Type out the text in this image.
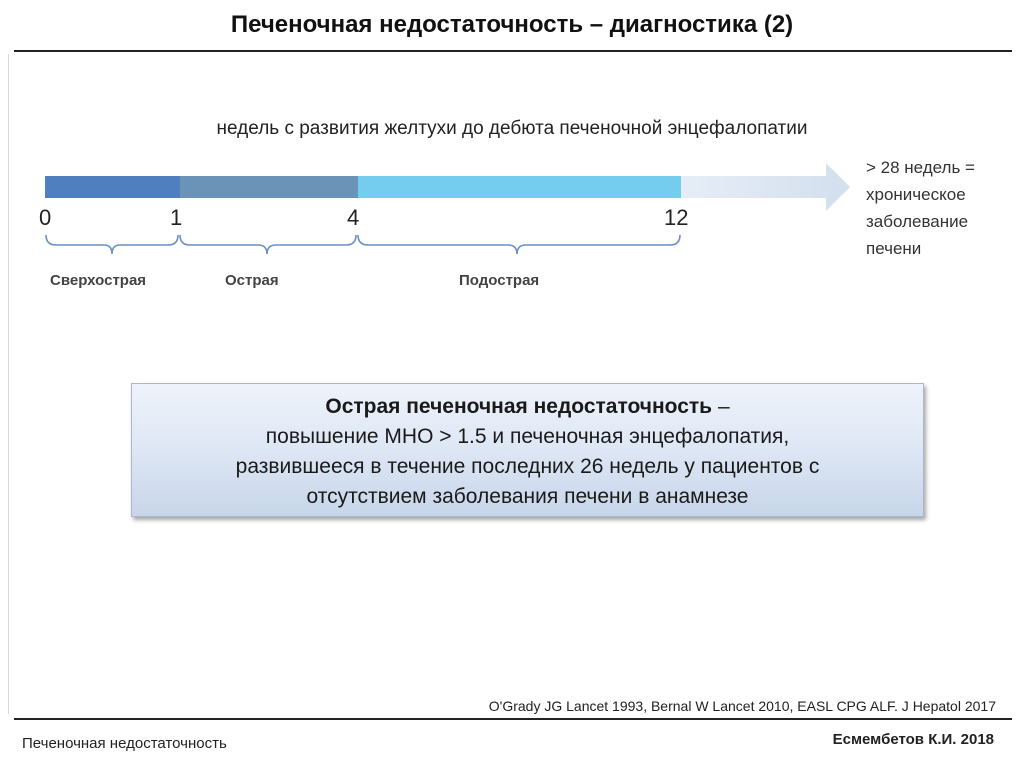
Печеночная недостаточность – диагностика (2)
недель с развития желтухи до дебюта печеночной энцефалопатии
0	1	4	12
Сверхострая	Острая	Подострая
> 28 недель =
хроническое
заболевание
печени
Острая печеночная недостаточность –
повышение МНО > 1.5 и печеночная энцефалопатия,
развившееся в течение последних 26 недель у пациентов с
отсутствием заболевания печени в анамнезе
O'Grady JG Lancet 1993, Bernal W Lancet 2010, EASL CPG ALF. J Hepatol 2017
Печеночная недостаточность	Есмембетов К.И. 2018
